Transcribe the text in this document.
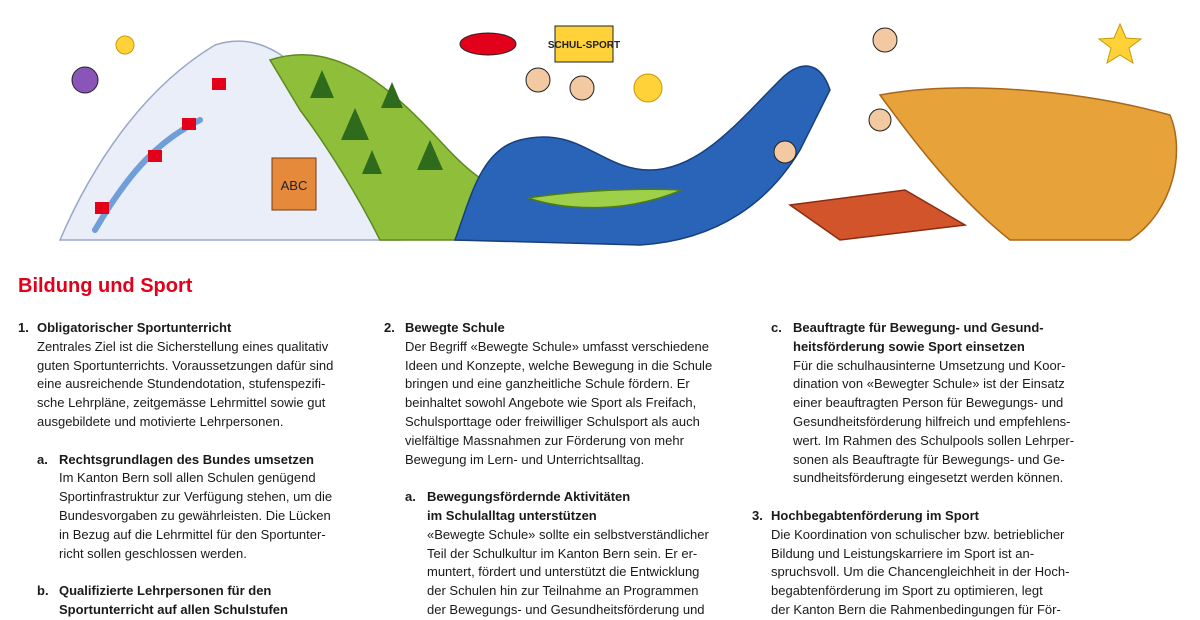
SCHUL-SPORT
ABC
Bildung und Sport
1. Obligatorischer Sportunterricht
Zentrales Ziel ist die Sicherstellung eines qualitativ
guten Sportunterrichts. Voraussetzungen dafür sind
eine ausreichende Stundendotation, stufenspezifi-
sche Lehrpläne, zeitgemässe Lehrmittel sowie gut
ausgebildete und motivierte Lehrpersonen.
a. Rechtsgrundlagen des Bundes umsetzen
Im Kanton Bern soll allen Schulen genügend
Sportinfrastruktur zur Verfügung stehen, um die
Bundesvorgaben zu gewährleisten. Die Lücken
in Bezug auf die Lehrmittel für den Sportunter-
richt sollen geschlossen werden.
b. Qualifizierte Lehrpersonen für den
Sportunterricht auf allen Schulstufen
2. Bewegte Schule
Der Begriff «Bewegte Schule» umfasst verschiedene
Ideen und Konzepte, welche Bewegung in die Schule
bringen und eine ganzheitliche Schule fördern. Er
beinhaltet sowohl Angebote wie Sport als Freifach,
Schulsporttage oder freiwilliger Schulsport als auch
vielfältige Massnahmen zur Förderung von mehr
Bewegung im Lern- und Unterrichtsalltag.
a. Bewegungsfördernde Aktivitäten
im Schulalltag unterstützen
«Bewegte Schule» sollte ein selbstverständlicher
Teil der Schulkultur im Kanton Bern sein. Er er-
muntert, fördert und unterstützt die Entwicklung
der Schulen hin zur Teilnahme an Programmen
der Bewegungs- und Gesundheitsförderung und
c. Beauftragte für Bewegung- und Gesund-
heitsförderung sowie Sport einsetzen
Für die schulhausinterne Umsetzung und Koor-
dination von «Bewegter Schule» ist der Einsatz
einer beauftragten Person für Bewegungs- und
Gesundheitsförderung hilfreich und empfehlens-
wert. Im Rahmen des Schulpools sollen Lehrper-
sonen als Beauftragte für Bewegungs- und Ge-
sundheitsförderung eingesetzt werden können.
3. Hochbegabtenförderung im Sport
Die Koordination von schulischer bzw. betrieblicher
Bildung und Leistungskarriere im Sport ist an-
spruchsvoll. Um die Chancengleichheit in der Hoch-
begabtenförderung im Sport zu optimieren, legt
der Kanton Bern die Rahmenbedingungen für För-
